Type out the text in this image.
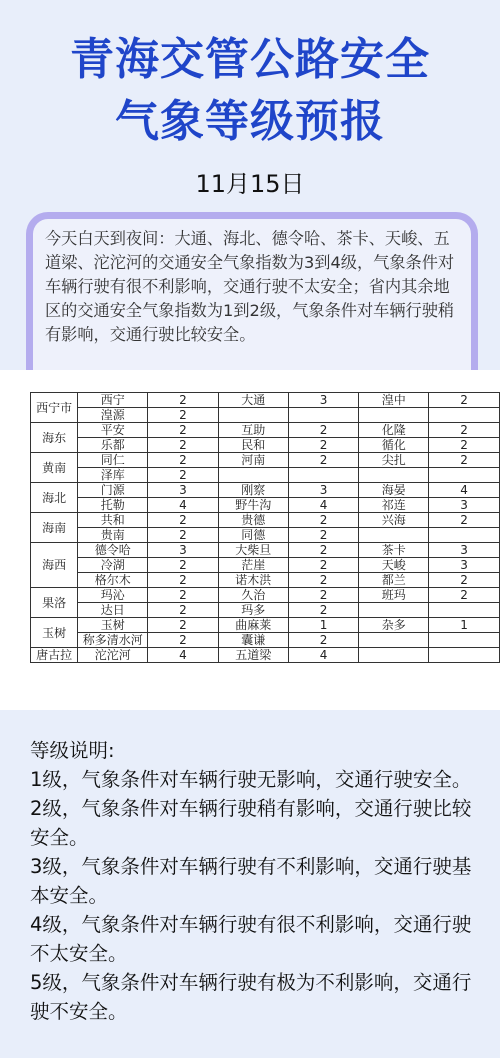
青海交管公路安全
气象等级预报
11月15日
今天白天到夜间：大通、海北、德令哈、茶卡、天峻、五道梁、沱沱河的交通安全气象指数为3到4级，气象条件对车辆行驶有很不利影响，交通行驶不太安全；省内其余地区的交通安全气象指数为1到2级，气象条件对车辆行驶稍有影响，交通行驶比较安全。
西宁市	西宁	2	大通	3	湟中	2
	湟源	2				
海东	平安	2	互助	2	化隆	2
	乐都	2	民和	2	循化	2
黄南	同仁	2	河南	2	尖扎	2
	泽库	2				
海北	门源	3	刚察	3	海晏	4
	托勒	4	野牛沟	4	祁连	3
海南	共和	2	贵德	2	兴海	2
	贵南	2	同德	2		
海西	德令哈	3	大柴旦	2	茶卡	3
	冷湖	2	茫崖	2	天峻	3
	格尔木	2	诺木洪	2	都兰	2
果洛	玛沁	2	久治	2	班玛	2
	达日	2	玛多	2		
玉树	玉树	2	曲麻莱	1	杂多	1
	称多清水河	2	囊谦	2		
唐古拉	沱沱河	4	五道梁	4		
等级说明:
1级，气象条件对车辆行驶无影响，交通行驶安全。
2级，气象条件对车辆行驶稍有影响，交通行驶比较安全。
3级，气象条件对车辆行驶有不利影响，交通行驶基本安全。
4级，气象条件对车辆行驶有很不利影响，交通行驶不太安全。
5级，气象条件对车辆行驶有极为不利影响，交通行驶不安全。
